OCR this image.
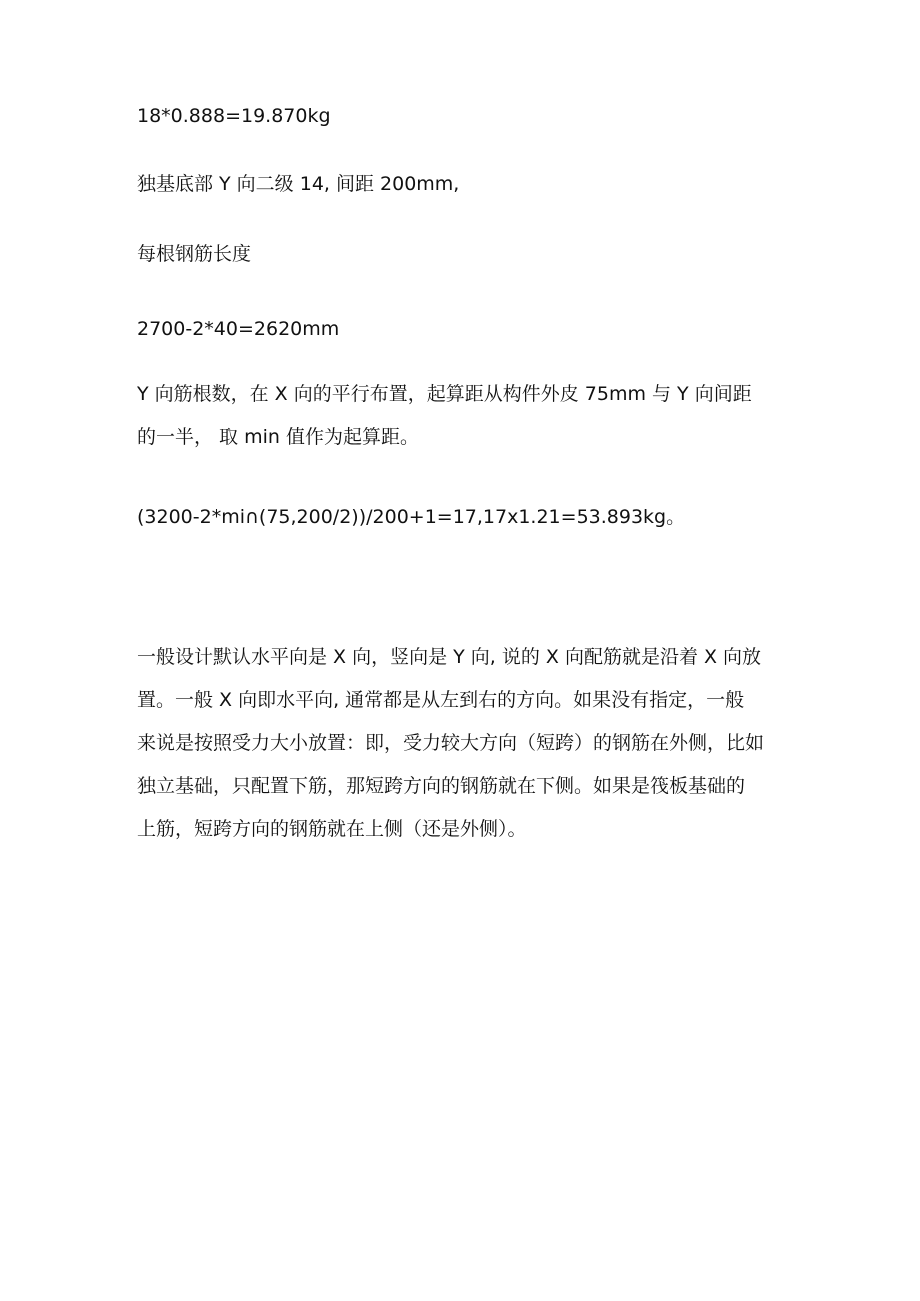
18*0.888=19.870kg
独基底部 Y 向二级 14, 间距 200mm,
每根钢筋长度
2700-2*40=2620mm
Y 向筋根数，在 X 向的平行布置，起算距从构件外皮 75mm 与 Y 向间距
的一半， 取 min 值作为起算距。
(3200-2*mi∩(75,200/2))/200+1=17,17x1.21=53.893kg。
一般设计默认水平向是 X 向，竖向是 Y 向, 说的 X 向配筋就是沿着 X 向放
置。一般 X 向即水平向, 通常都是从左到右的方向。如果没有指定，一般
来说是按照受力大小放置：即，受力较大方向（短跨）的钢筋在外侧，比如
独立基础，只配置下筋，那短跨方向的钢筋就在下侧。如果是筏板基础的
上筋，短跨方向的钢筋就在上侧（还是外侧）。
